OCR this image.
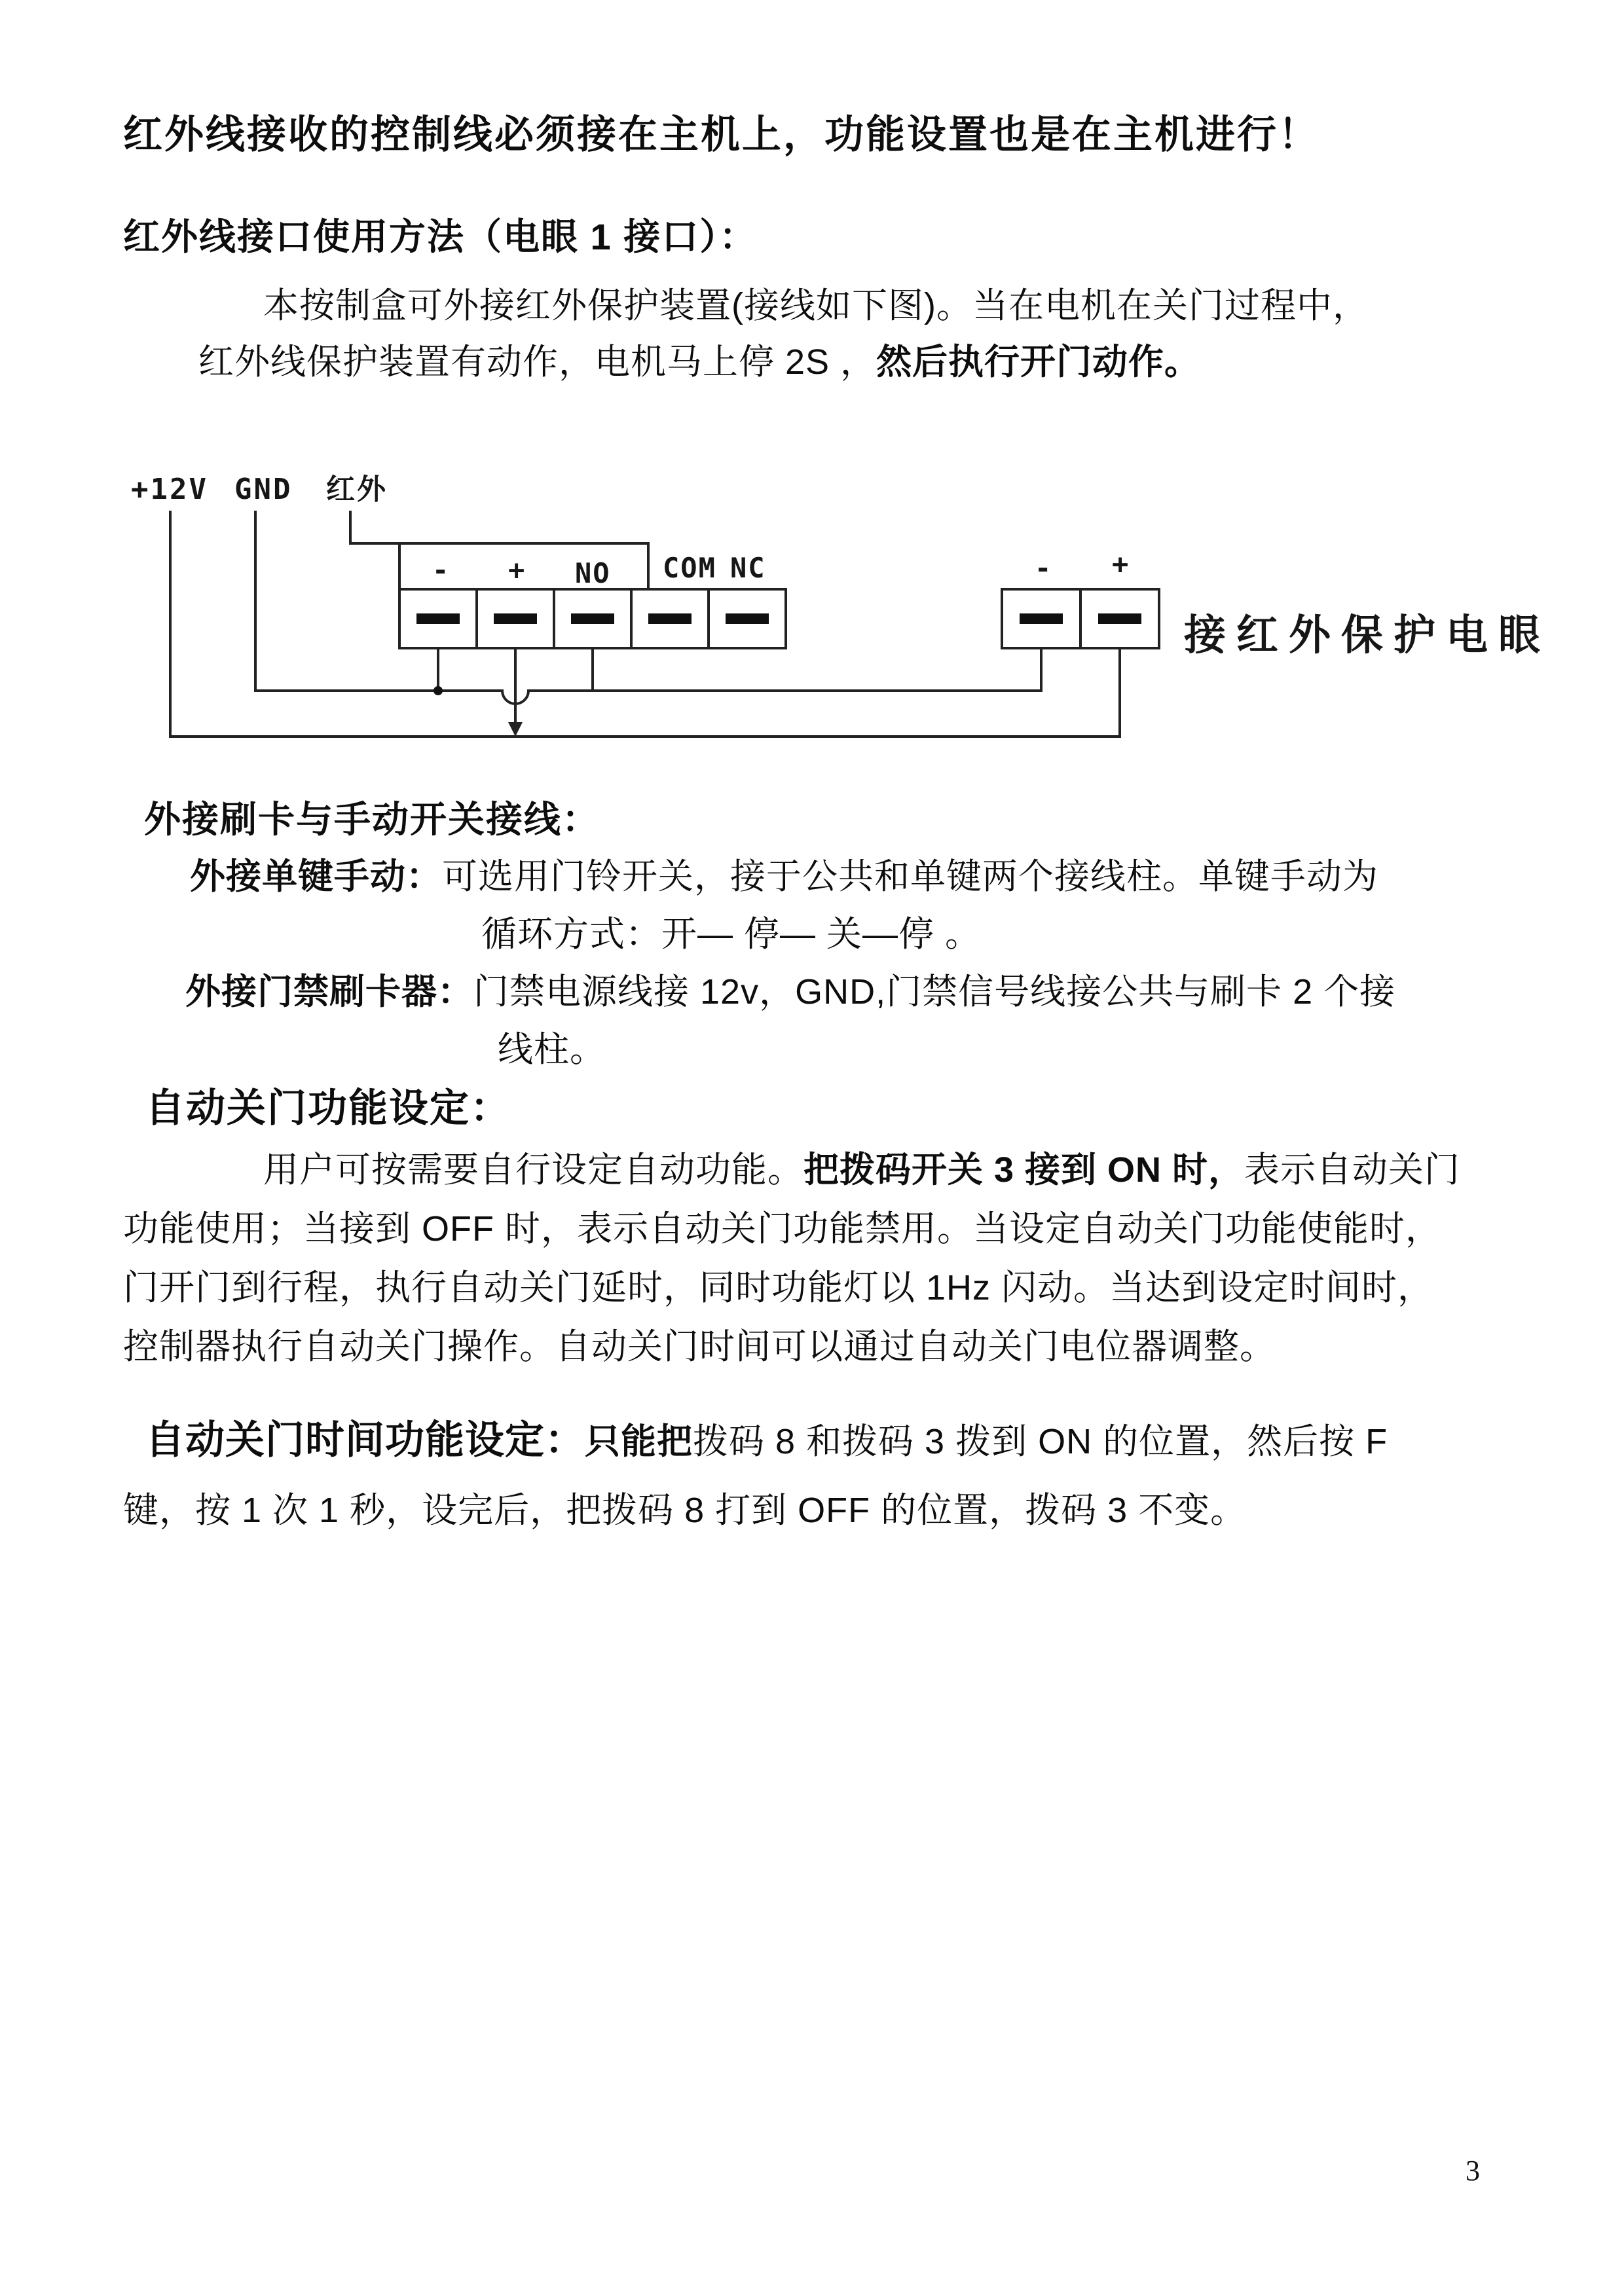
红外线接收的控制线必须接在主机上，功能设置也是在主机进行！
红外线接口使用方法（电眼 1 接口）：
本按制盒可外接红外保护装置(接线如下图)。当在电机在关门过程中，
红外线保护装置有动作，电机马上停 2S ，然后执行开门动作。
+12V GND 红外
- + NO COM NC	- +
接红外保护电眼
外接刷卡与手动开关接线：
外接单键手动：可选用门铃开关，接于公共和单键两个接线柱。单键手动为
循环方式：开— 停— 关—停 。
外接门禁刷卡器：门禁电源线接 12v，GND,门禁信号线接公共与刷卡 2 个接
线柱。
自动关门功能设定：
用户可按需要自行设定自动功能。把拨码开关 3 接到 ON 时，表示自动关门
功能使用；当接到 OFF 时，表示自动关门功能禁用。当设定自动关门功能使能时，
门开门到行程，执行自动关门延时，同时功能灯以 1Hz 闪动。当达到设定时间时，
控制器执行自动关门操作。自动关门时间可以通过自动关门电位器调整。
自动关门时间功能设定：只能把拨码 8 和拨码 3 拨到 ON 的位置，然后按 F
键，按 1 次 1 秒，设完后，把拨码 8 打到 OFF 的位置，拨码 3 不变。
3
